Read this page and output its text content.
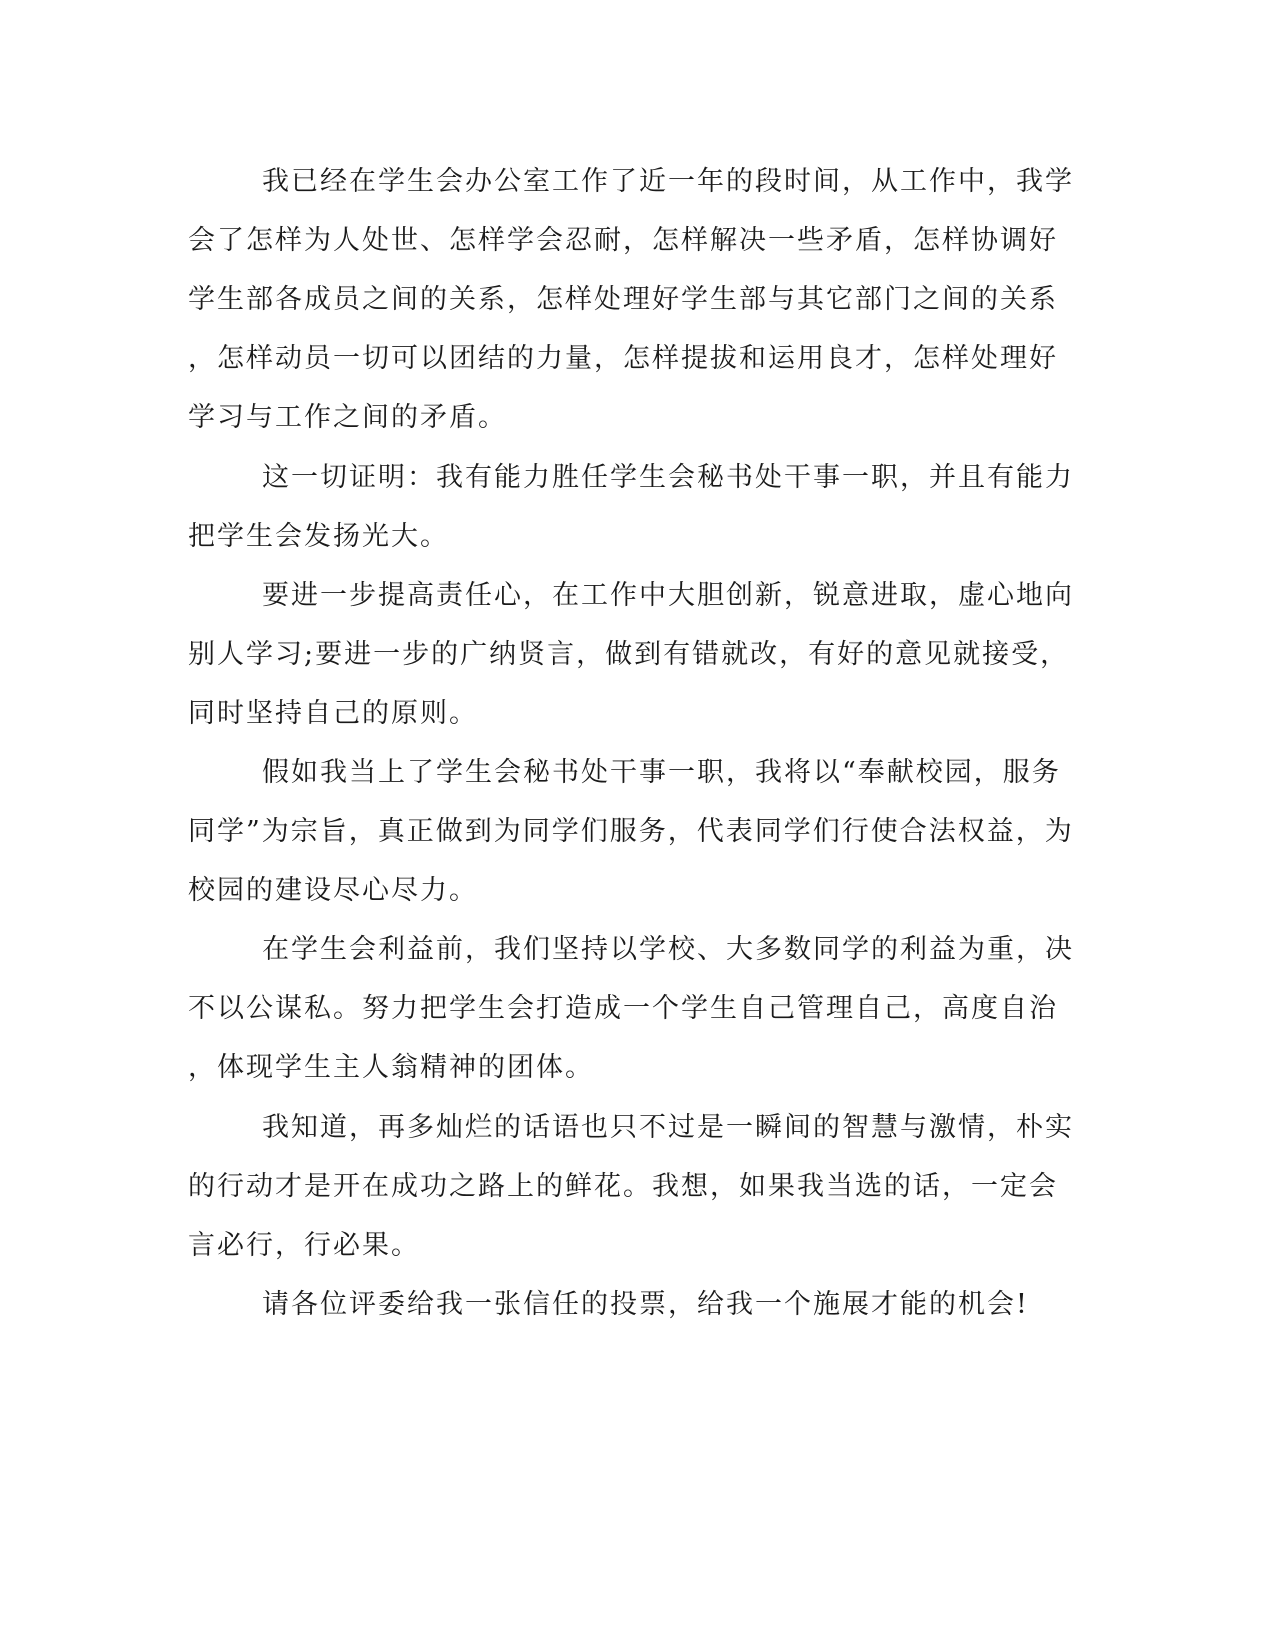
我已经在学生会办公室工作了近一年的段时间，从工作中，我学
会了怎样为人处世、怎样学会忍耐，怎样解决一些矛盾，怎样协调好
学生部各成员之间的关系，怎样处理好学生部与其它部门之间的关系
，怎样动员一切可以团结的力量，怎样提拔和运用良才，怎样处理好
学习与工作之间的矛盾。
这一切证明：我有能力胜任学生会秘书处干事一职，并且有能力
把学生会发扬光大。
要进一步提高责任心，在工作中大胆创新，锐意进取，虚心地向
别人学习;要进一步的广纳贤言，做到有错就改，有好的意见就接受，
同时坚持自己的原则。
假如我当上了学生会秘书处干事一职，我将以“奉献校园，服务
同学”为宗旨，真正做到为同学们服务，代表同学们行使合法权益，为
校园的建设尽心尽力。
在学生会利益前，我们坚持以学校、大多数同学的利益为重，决
不以公谋私。努力把学生会打造成一个学生自己管理自己，高度自治
，体现学生主人翁精神的团体。
我知道，再多灿烂的话语也只不过是一瞬间的智慧与激情，朴实
的行动才是开在成功之路上的鲜花。我想，如果我当选的话，一定会
言必行，行必果。
请各位评委给我一张信任的投票，给我一个施展才能的机会!
